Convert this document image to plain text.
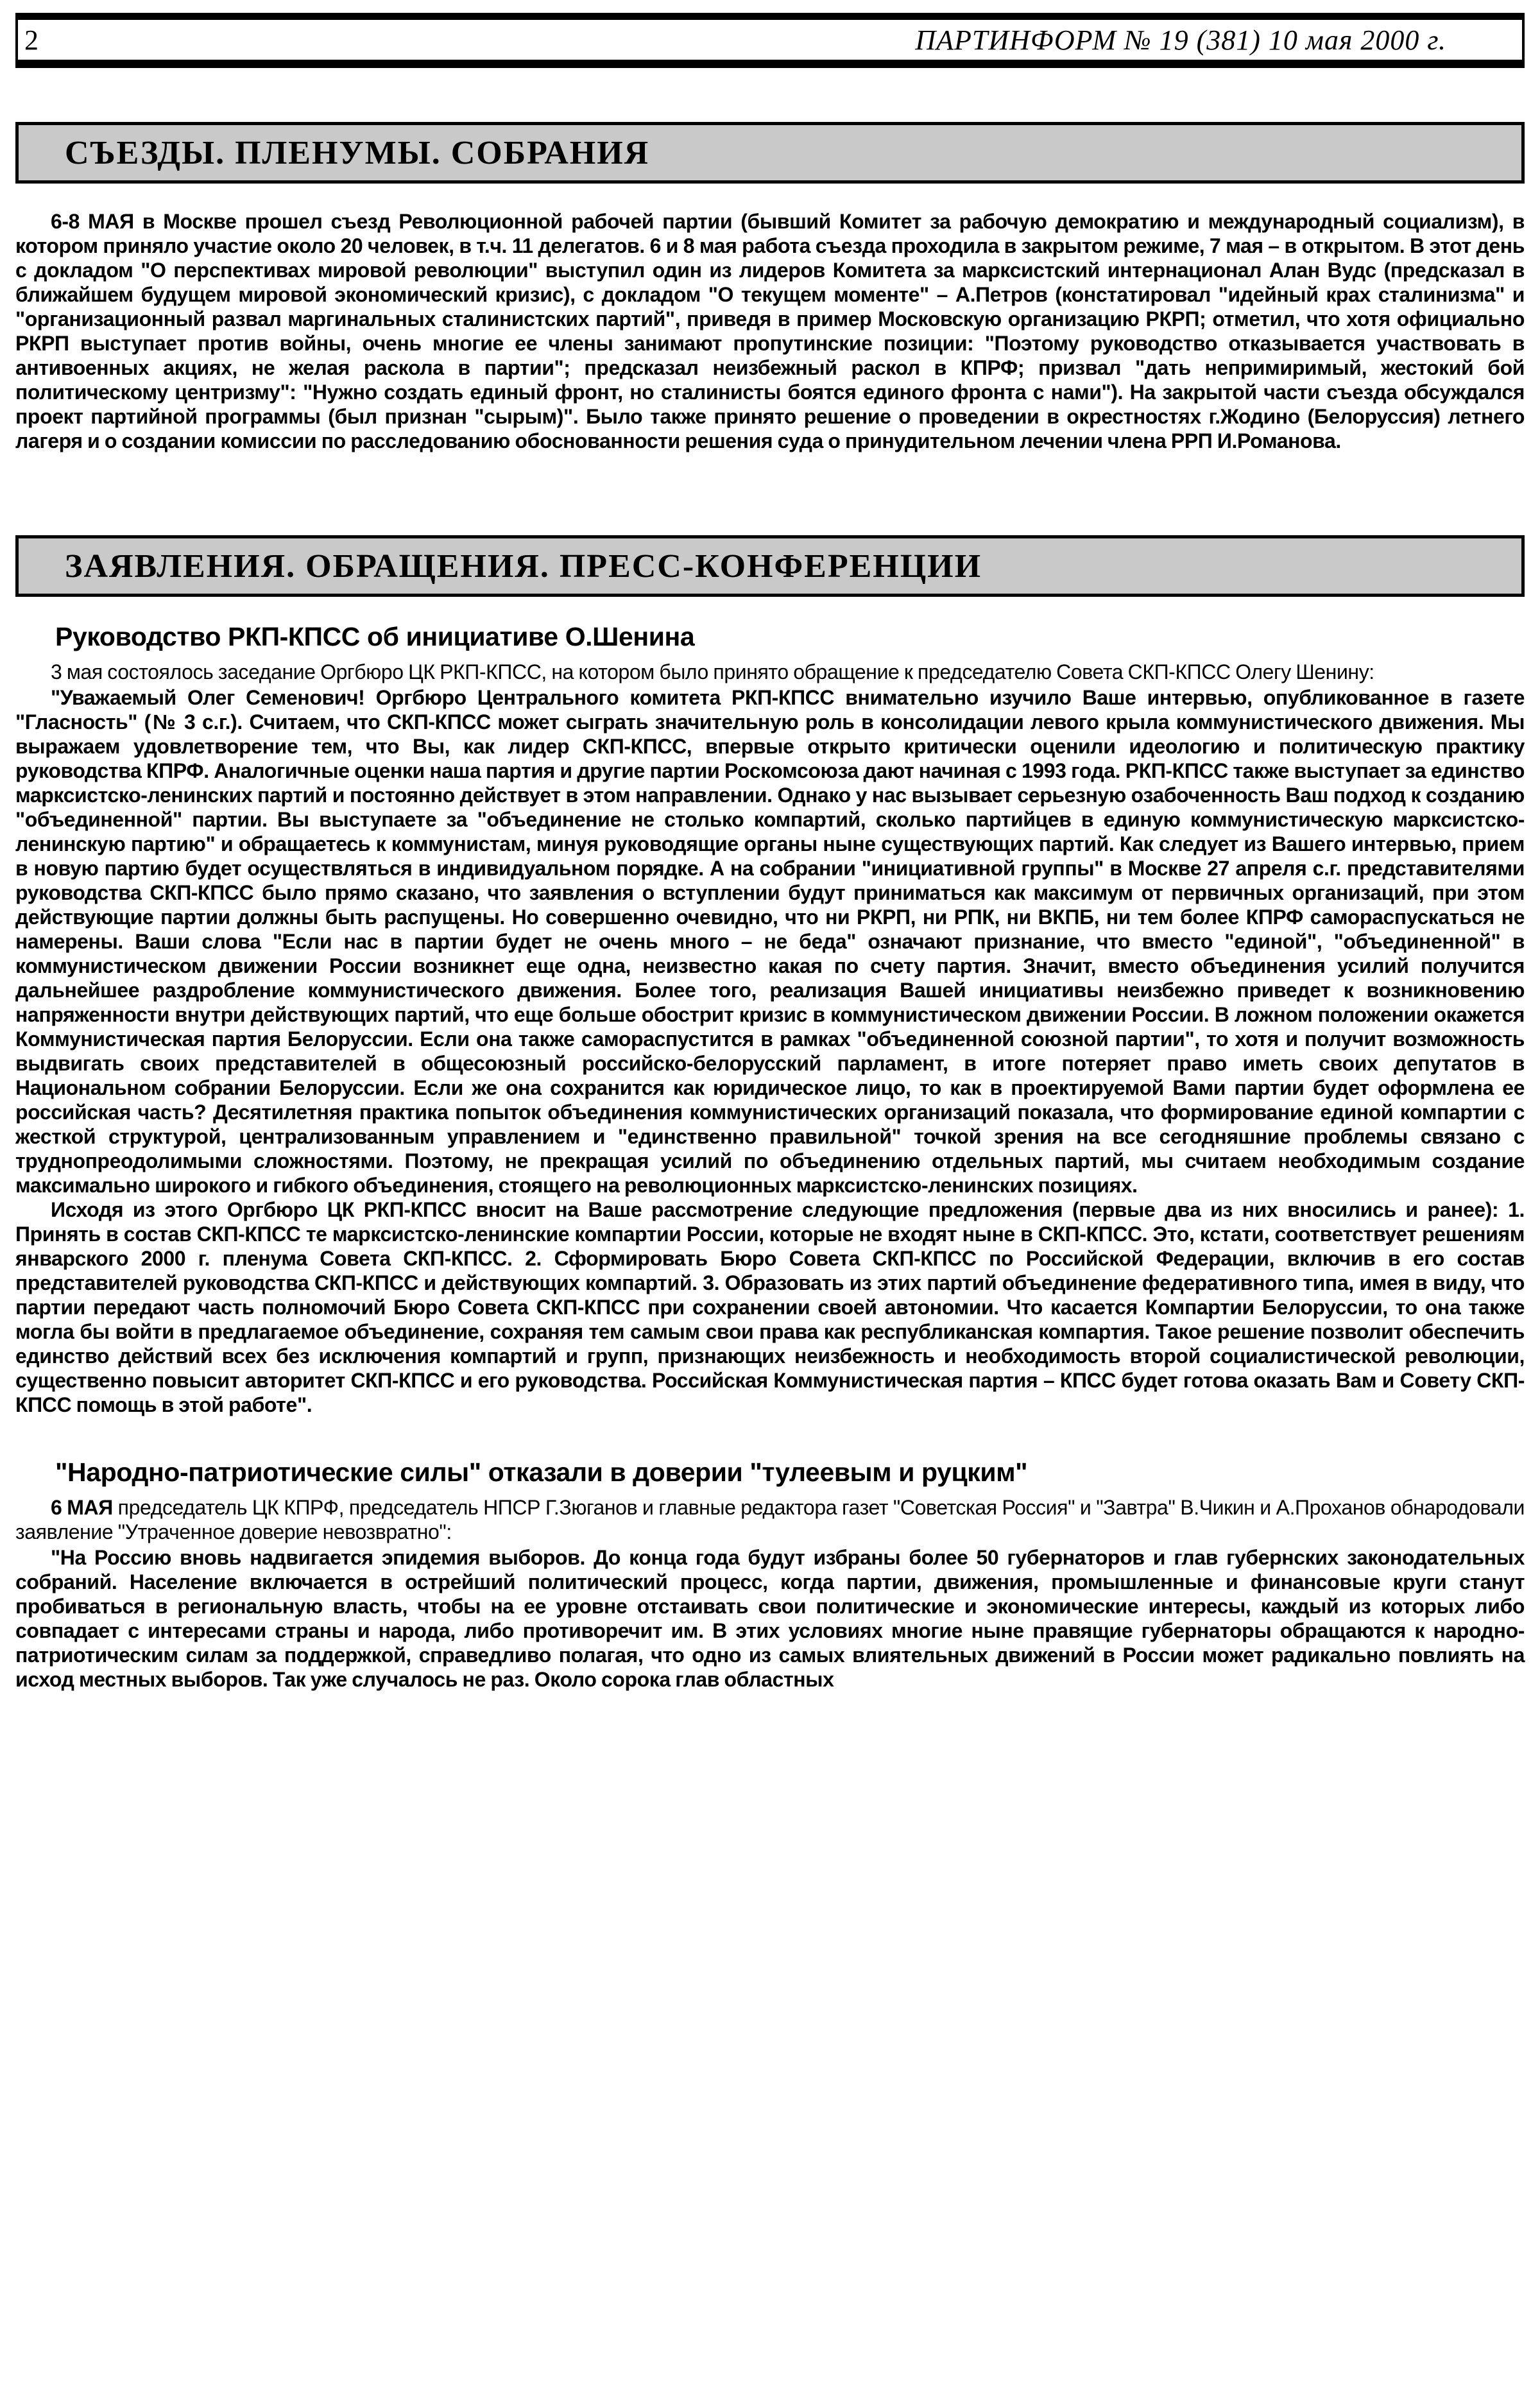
2	ПАРТИНФОРМ № 19 (381) 10 мая 2000 г.
СЪЕЗДЫ. ПЛЕНУМЫ. СОБРАНИЯ

6-8 МАЯ в Москве прошел съезд Революционной рабочей партии (бывший Комитет за рабочую демократию и международный социализм), в котором приняло участие около 20 человек, в т.ч. 11 делегатов. 6 и 8 мая работа съезда проходила в закрытом режиме, 7 мая – в открытом. В этот день с докладом "О перспективах мировой революции" выступил один из лидеров Комитета за марксистский интернационал Алан Вудс (предсказал в ближайшем будущем мировой экономический кризис), с докладом "О текущем моменте" – А.Петров (констатировал "идейный крах сталинизма" и "организационный развал маргинальных сталинистских партий", приведя в пример Московскую организацию РКРП; отметил, что хотя официально РКРП выступает против войны, очень многие ее члены занимают пропутинские позиции: "Поэтому руководство отказывается участвовать в антивоенных акциях, не желая раскола в партии"; предсказал неизбежный раскол в КПРФ; призвал "дать непримиримый, жестокий бой политическому центризму": "Нужно создать единый фронт, но сталинисты боятся единого фронта с нами"). На закрытой части съезда обсуждался проект партийной программы (был признан "сырым)". Было также принято решение о проведении в окрестностях г.Жодино (Белоруссия) летнего лагеря и о создании комиссии по расследованию обоснованности решения суда о принудительном лечении члена РРП И.Романова.

ЗАЯВЛЕНИЯ. ОБРАЩЕНИЯ. ПРЕСС-КОНФЕРЕНЦИИ
Руководство РКП-КПСС об инициативе О.Шенина

3 мая состоялось заседание Оргбюро ЦК РКП-КПСС, на котором было принято обращение к председателю Совета СКП-КПСС Олегу Шенину:

"Уважаемый Олег Семенович! Оргбюро Центрального комитета РКП-КПСС внимательно изучило Ваше интервью, опубликованное в газете "Гласность" (№ 3 с.г.). Считаем, что СКП-КПСС может сыграть значительную роль в консолидации левого крыла коммунистического движения. Мы выражаем удовлетворение тем, что Вы, как лидер СКП-КПСС, впервые открыто критически оценили идеологию и политическую практику руководства КПРФ. Аналогичные оценки наша партия и другие партии Роскомсоюза дают начиная с 1993 года. РКП-КПСС также выступает за единство марксистско-ленинских партий и постоянно действует в этом направлении. Однако у нас вызывает серьезную озабоченность Ваш подход к созданию "объединенной" партии. Вы выступаете за "объединение не столько компартий, сколько партийцев в единую коммунистическую марксистско-ленинскую партию" и обращаетесь к коммунистам, минуя руководящие органы ныне существующих партий. Как следует из Вашего интервью, прием в новую партию будет осуществляться в индивидуальном порядке. А на собрании "инициативной группы" в Москве 27 апреля с.г. представителями руководства СКП-КПСС было прямо сказано, что заявления о вступлении будут приниматься как максимум от первичных организаций, при этом действующие партии должны быть распущены. Но совершенно очевидно, что ни РКРП, ни РПК, ни ВКПБ, ни тем более КПРФ самораспускаться не намерены. Ваши слова "Если нас в партии будет не очень много – не беда" означают признание, что вместо "единой", "объединенной" в коммунистическом движении России возникнет еще одна, неизвестно какая по счету партия. Значит, вместо объединения усилий получится дальнейшее раздробление коммунистического движения. Более того, реализация Вашей инициативы неизбежно приведет к возникновению напряженности внутри действующих партий, что еще больше обострит кризис в коммунистическом движении России. В ложном положении окажется Коммунистическая партия Белоруссии. Если она также самораспустится в рамках "объединенной союзной партии", то хотя и получит возможность выдвигать своих представителей в общесоюзный российско-белорусский парламент, в итоге потеряет право иметь своих депутатов в Национальном собрании Белоруссии. Если же она сохранится как юридическое лицо, то как в проектируемой Вами партии будет оформлена ее российская часть? Десятилетняя практика попыток объединения коммунистических организаций показала, что формирование единой компартии с жесткой структурой, централизованным управлением и "единственно правильной" точкой зрения на все сегодняшние проблемы связано с труднопреодолимыми сложностями. Поэтому, не прекращая усилий по объединению отдельных партий, мы считаем необходимым создание максимально широкого и гибкого объединения, стоящего на революционных марксистско-ленинских позициях.

Исходя из этого Оргбюро ЦК РКП-КПСС вносит на Ваше рассмотрение следующие предложения (первые два из них вносились и ранее): 1. Принять в состав СКП-КПСС те марксистско-ленинские компартии России, которые не входят ныне в СКП-КПСС. Это, кстати, соответствует решениям январского 2000 г. пленума Совета СКП-КПСС. 2. Сформировать Бюро Совета СКП-КПСС по Российской Федерации, включив в его состав представителей руководства СКП-КПСС и действующих компартий. 3. Образовать из этих партий объединение федеративного типа, имея в виду, что партии передают часть полномочий Бюро Совета СКП-КПСС при сохранении своей автономии. Что касается Компартии Белоруссии, то она также могла бы войти в предлагаемое объединение, сохраняя тем самым свои права как республиканская компартия. Такое решение позволит обеспечить единство действий всех без исключения компартий и групп, признающих неизбежность и необходимость второй социалистической революции, существенно повысит авторитет СКП-КПСС и его руководства. Российская Коммунистическая партия – КПСС будет готова оказать Вам и Совету СКП-КПСС помощь в этой работе".

"Народно-патриотические силы" отказали в доверии "тулеевым и руцким"

6 МАЯ председатель ЦК КПРФ, председатель НПСР Г.Зюганов и главные редактора газет "Советская Россия" и "Завтра" В.Чикин и А.Проханов обнародовали заявление "Утраченное доверие невозвратно":

"На Россию вновь надвигается эпидемия выборов. До конца года будут избраны более 50 губернаторов и глав губернских законодательных собраний. Население включается в острейший политический процесс, когда партии, движения, промышленные и финансовые круги станут пробиваться в региональную власть, чтобы на ее уровне отстаивать свои политические и экономические интересы, каждый из которых либо совпадает с интересами страны и народа, либо противоречит им. В этих условиях многие ныне правящие губернаторы обращаются к народно-патриотическим силам за поддержкой, справедливо полагая, что одно из самых влиятельных движений в России может радикально повлиять на исход местных выборов. Так уже случалось не раз. Около сорока глав областных
